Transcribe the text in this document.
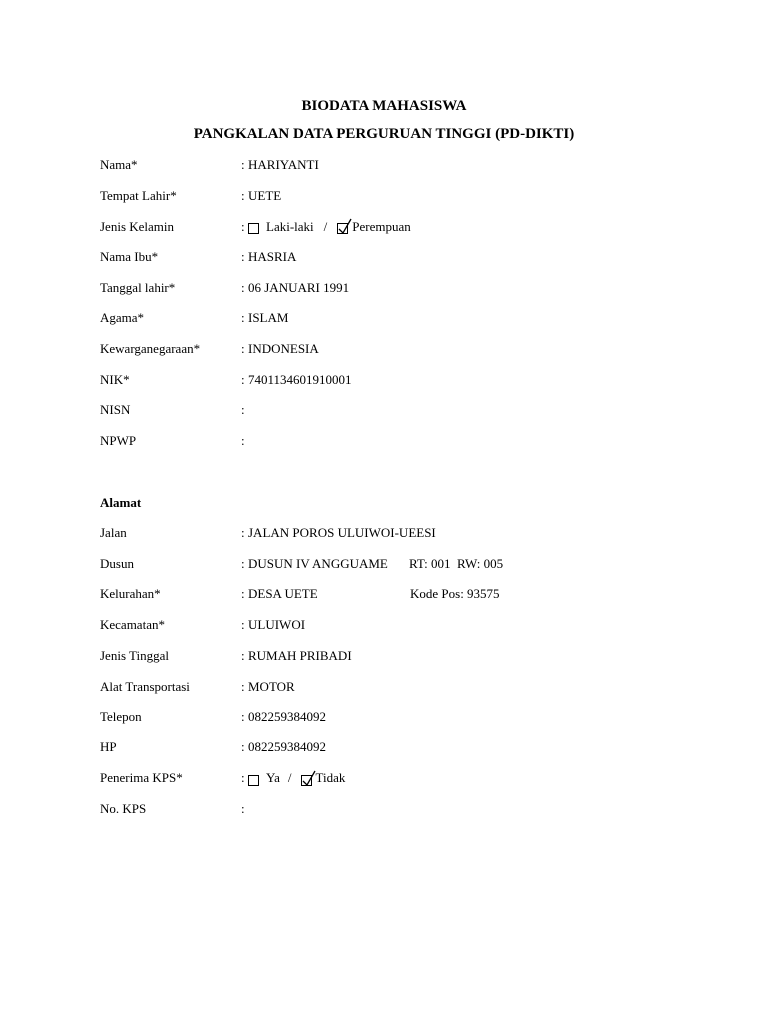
BIODATA MAHASISWA
PANGKALAN DATA PERGURUAN TINGGI (PD-DIKTI)
Nama*	: HARIYANTI
Tempat Lahir*	: UETE
Jenis Kelamin	: Laki-laki / Perempuan
Nama Ibu*	: HASRIA
Tanggal lahir*	: 06 JANUARI 1991
Agama*	: ISLAM
Kewarganegaraan*	: INDONESIA
NIK*	: 7401134601910001
NISN	:
NPWP	:
Alamat
Jalan	: JALAN POROS ULUIWOI-UEESI
Dusun	: DUSUN IV ANGGUAME RT: 001  RW: 005
Kelurahan*	: DESA UETE	Kode Pos: 93575
Kecamatan*	: ULUIWOI
Jenis Tinggal	: RUMAH PRIBADI
Alat Transportasi	: MOTOR
Telepon	: 082259384092
HP	: 082259384092
Penerima KPS*	: Ya / Tidak
No. KPS	:
